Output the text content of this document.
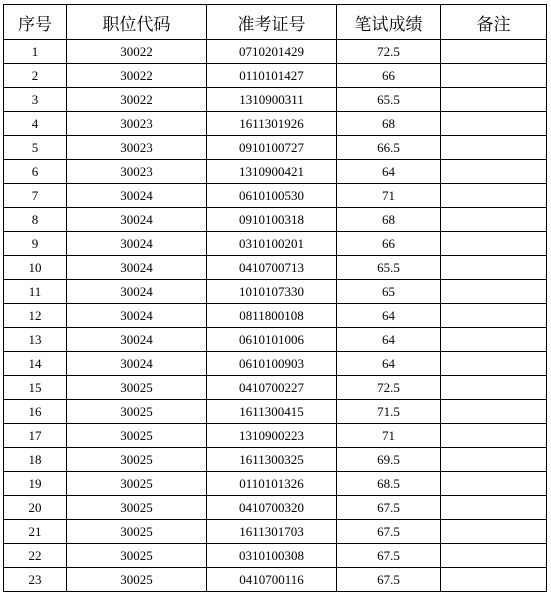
序号	职位代码	准考证号	笔试成绩	备注
1	30022	0710201429	72.5	
2	30022	0110101427	66	
3	30022	1310900311	65.5	
4	30023	1611301926	68	
5	30023	0910100727	66.5	
6	30023	1310900421	64	
7	30024	0610100530	71	
8	30024	0910100318	68	
9	30024	0310100201	66	
10	30024	0410700713	65.5	
11	30024	1010107330	65	
12	30024	0811800108	64	
13	30024	0610101006	64	
14	30024	0610100903	64	
15	30025	0410700227	72.5	
16	30025	1611300415	71.5	
17	30025	1310900223	71	
18	30025	1611300325	69.5	
19	30025	0110101326	68.5	
20	30025	0410700320	67.5	
21	30025	1611301703	67.5	
22	30025	0310100308	67.5	
23	30025	0410700116	67.5	
